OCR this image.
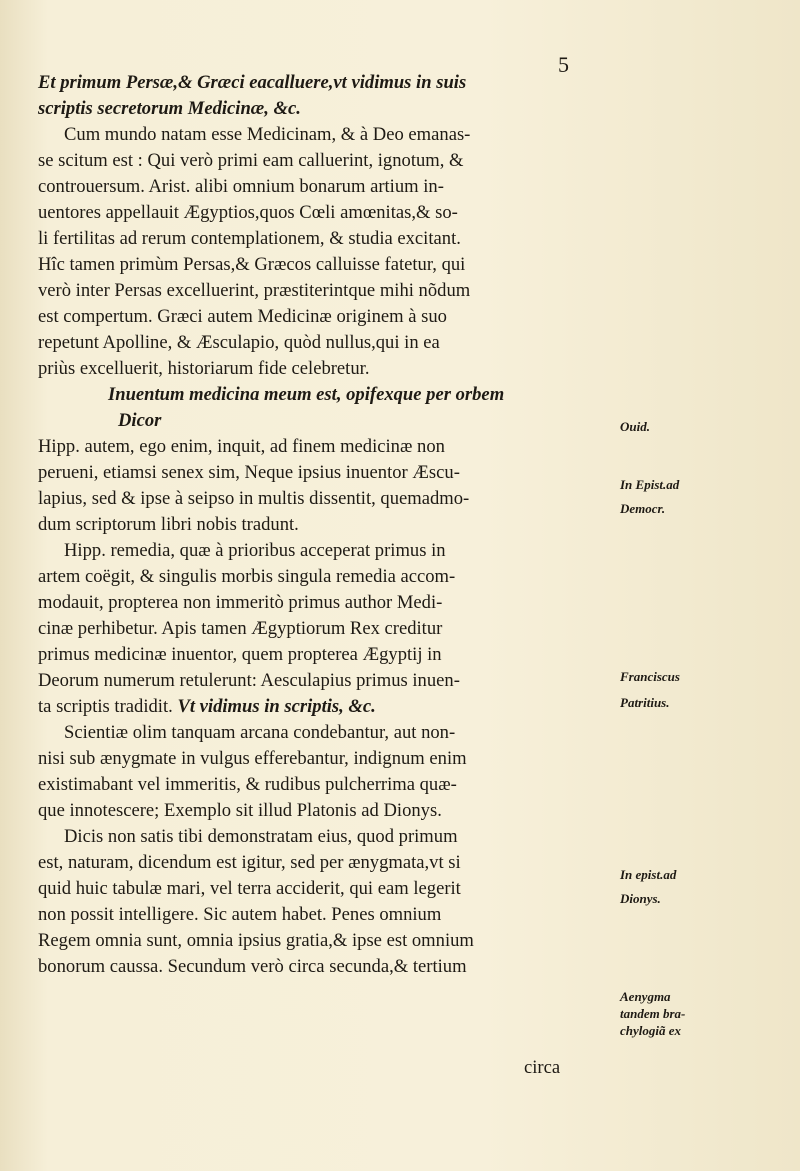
5
Et primum Persæ,& Græci eacalluere,vt vidimus in suis
scriptis secretorum Medicinæ, &c.
Cum mundo natam esse Medicinam, & à Deo emanas-
se scitum est : Qui verò primi eam calluerint, ignotum, &
controuersum. Arist. alibi omnium bonarum artium in-
uentores appellauit Ægyptios,quos Cœli amœnitas,& so-
li fertilitas ad rerum contemplationem, & studia excitant.
Hîc tamen primùm Persas,& Græcos calluisse fatetur, qui
verò inter Persas excelluerint, præstiterintque mihi nõdum
est compertum. Græci autem Medicinæ originem à suo
repetunt Apolline, & Æsculapio, quòd nullus,qui in ea
priùs excelluerit, historiarum fide celebretur.
Inuentum medicina meum est, opifexque per orbem
Dicor
Hipp. autem, ego enim, inquit, ad finem medicinæ non
perueni, etiamsi senex sim, Neque ipsius inuentor Æscu-
lapius, sed & ipse à seipso in multis dissentit, quemadmo-
dum scriptorum libri nobis tradunt.
Hipp. remedia, quæ à prioribus acceperat primus in
artem coëgit, & singulis morbis singula remedia accom-
modauit, propterea non immeritò primus author Medi-
cinæ perhibetur. Apis tamen Ægyptiorum Rex creditur
primus medicinæ inuentor, quem propterea Ægyptij in
Deorum numerum retulerunt: Aesculapius primus inuen-
ta scriptis tradidit. Vt vidimus in scriptis, &c.
Scientiæ olim tanquam arcana condebantur, aut non-
nisi sub ænygmate in vulgus efferebantur, indignum enim
existimabant vel immeritis, & rudibus pulcherrima quæ-
que innotescere; Exemplo sit illud Platonis ad Dionys.
Dicis non satis tibi demonstratam eius, quod primum
est, naturam, dicendum est igitur, sed per ænygmata,vt si
quid huic tabulæ mari, vel terra acciderit, qui eam legerit
non possit intelligere. Sic autem habet. Penes omnium
Regem omnia sunt, omnia ipsius gratia,& ipse est omnium
bonorum caussa. Secundum verò circa secunda,& tertium
circa
Ouid.
In Epist.ad
Democr.
Franciscus
Patritius.
In epist.ad
Dionys.
Aenygma
tandem bra-
chylogiã ex
